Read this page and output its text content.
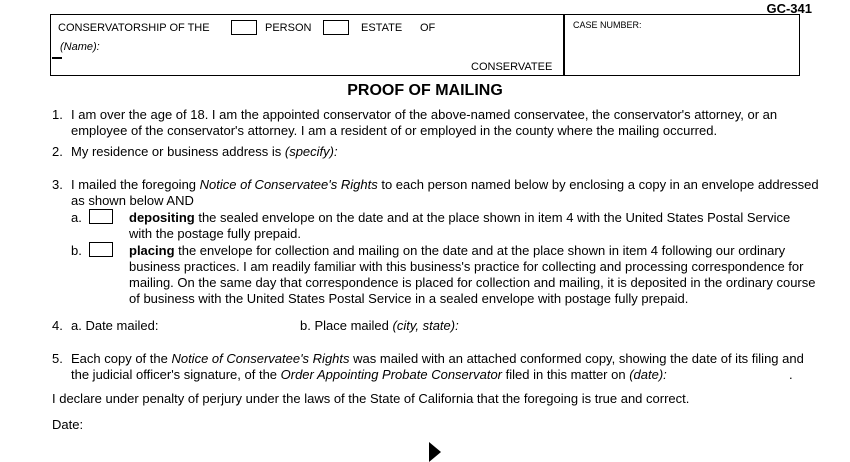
GC-341
CONSERVATORSHIP OF THE	PERSON	ESTATE OF
(Name):
CONSERVATEE
CASE NUMBER:
PROOF OF MAILING
1. I am over the age of 18. I am the appointed conservator of the above-named conservatee, the conservator's attorney, or an
employee of the conservator's attorney. I am a resident of or employed in the county where the mailing occurred.
2. My residence or business address is (specify):
3. I mailed the foregoing Notice of Conservatee's Rights to each person named below by enclosing a copy in an envelope addressed
as shown below AND
a.	depositing the sealed envelope on the date and at the place shown in item 4 with the United States Postal Service
with the postage fully prepaid.
b.	placing the envelope for collection and mailing on the date and at the place shown in item 4 following our ordinary
business practices. I am readily familiar with this business's practice for collecting and processing correspondence for
mailing. On the same day that correspondence is placed for collection and mailing, it is deposited in the ordinary course
of business with the United States Postal Service in a sealed envelope with postage fully prepaid.
4. a. Date mailed:	b. Place mailed (city, state):
5. Each copy of the Notice of Conservatee's Rights was mailed with an attached conformed copy, showing the date of its filing and
the judicial officer's signature, of the Order Appointing Probate Conservator filed in this matter on (date):	.
I declare under penalty of perjury under the laws of the State of California that the foregoing is true and correct.
Date:
